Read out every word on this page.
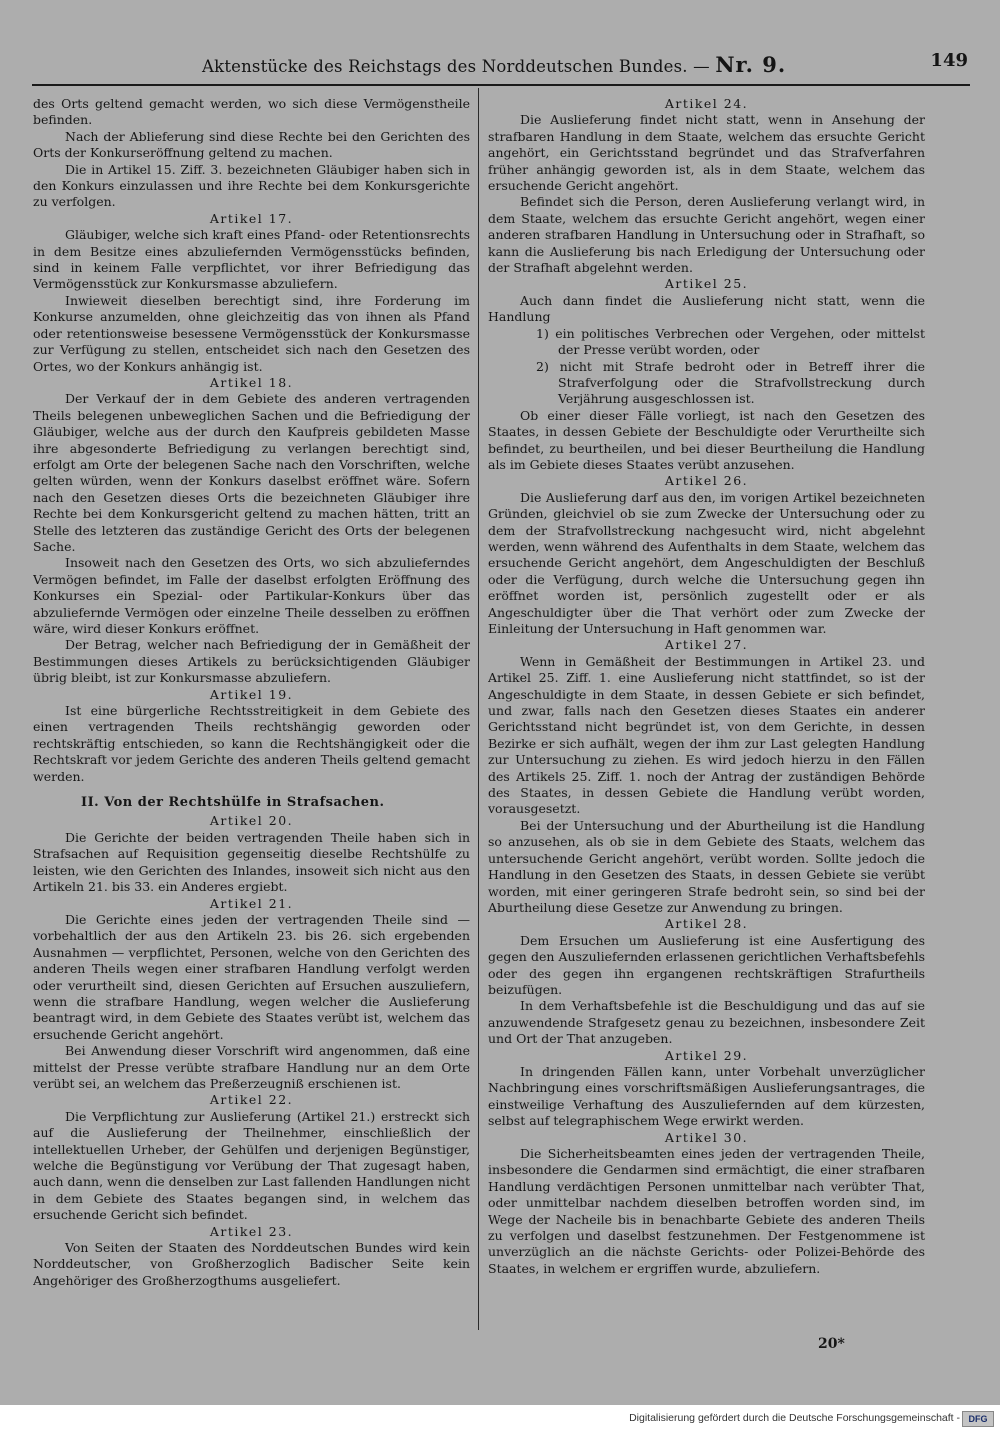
Aktenstücke des Reichstags des Norddeutschen Bundes. — Nr. 9.	149

des Orts geltend gemacht werden, wo sich diese Vermögenstheile befinden.

Nach der Ablieferung sind diese Rechte bei den Gerichten des Orts der Konkurseröffnung geltend zu machen.

Die in Artikel 15. Ziff. 3. bezeichneten Gläubiger haben sich in den Konkurs einzulassen und ihre Rechte bei dem Konkursgerichte zu verfolgen.

Artikel 17.

Gläubiger, welche sich kraft eines Pfand- oder Retentionsrechts in dem Besitze eines abzuliefernden Vermögensstücks befinden, sind in keinem Falle verpflichtet, vor ihrer Befriedigung das Vermögensstück zur Konkursmasse abzuliefern.

Inwieweit dieselben berechtigt sind, ihre Forderung im Konkurse anzumelden, ohne gleichzeitig das von ihnen als Pfand oder retentionsweise besessene Vermögensstück der Konkursmasse zur Verfügung zu stellen, entscheidet sich nach den Gesetzen des Ortes, wo der Konkurs anhängig ist.

Artikel 18.

Der Verkauf der in dem Gebiete des anderen vertragenden Theils belegenen unbeweglichen Sachen und die Befriedigung der Gläubiger, welche aus der durch den Kaufpreis gebildeten Masse ihre abgesonderte Befriedigung zu verlangen berechtigt sind, erfolgt am Orte der belegenen Sache nach den Vorschriften, welche gelten würden, wenn der Konkurs daselbst eröffnet wäre. Sofern nach den Gesetzen dieses Orts die bezeichneten Gläubiger ihre Rechte bei dem Konkursgericht geltend zu machen hätten, tritt an Stelle des letzteren das zuständige Gericht des Orts der belegenen Sache.

Insoweit nach den Gesetzen des Orts, wo sich abzulieferndes Vermögen befindet, im Falle der daselbst erfolgten Eröffnung des Konkurses ein Spezial- oder Partikular-Konkurs über das abzuliefernde Vermögen oder einzelne Theile desselben zu eröffnen wäre, wird dieser Konkurs eröffnet.

Der Betrag, welcher nach Befriedigung der in Gemäßheit der Bestimmungen dieses Artikels zu berücksichtigenden Gläubiger übrig bleibt, ist zur Konkursmasse abzuliefern.

Artikel 19.

Ist eine bürgerliche Rechtsstreitigkeit in dem Gebiete des einen vertragenden Theils rechtshängig geworden oder rechtskräftig entschieden, so kann die Rechtshängigkeit oder die Rechtskraft vor jedem Gerichte des anderen Theils geltend gemacht werden.

II. Von der Rechtshülfe in Strafsachen.
Artikel 20.

Die Gerichte der beiden vertragenden Theile haben sich in Strafsachen auf Requisition gegenseitig dieselbe Rechtshülfe zu leisten, wie den Gerichten des Inlandes, insoweit sich nicht aus den Artikeln 21. bis 33. ein Anderes ergiebt.

Artikel 21.

Die Gerichte eines jeden der vertragenden Theile sind — vorbehaltlich der aus den Artikeln 23. bis 26. sich ergebenden Ausnahmen — verpflichtet, Personen, welche von den Gerichten des anderen Theils wegen einer strafbaren Handlung verfolgt werden oder verurtheilt sind, diesen Gerichten auf Ersuchen auszuliefern, wenn die strafbare Handlung, wegen welcher die Auslieferung beantragt wird, in dem Gebiete des Staates verübt ist, welchem das ersuchende Gericht angehört.

Bei Anwendung dieser Vorschrift wird angenommen, daß eine mittelst der Presse verübte strafbare Handlung nur an dem Orte verübt sei, an welchem das Preßerzeugniß erschienen ist.

Artikel 22.

Die Verpflichtung zur Auslieferung (Artikel 21.) erstreckt sich auf die Auslieferung der Theilnehmer, einschließlich der intellektuellen Urheber, der Gehülfen und derjenigen Begünstiger, welche die Begünstigung vor Verübung der That zugesagt haben, auch dann, wenn die denselben zur Last fallenden Handlungen nicht in dem Gebiete des Staates begangen sind, in welchem das ersuchende Gericht sich befindet.

Artikel 23.

Von Seiten der Staaten des Norddeutschen Bundes wird kein Norddeutscher, von Großherzoglich Badischer Seite kein Angehöriger des Großherzogthums ausgeliefert.

Artikel 24.

Die Auslieferung findet nicht statt, wenn in Ansehung der strafbaren Handlung in dem Staate, welchem das ersuchte Gericht angehört, ein Gerichtsstand begründet und das Strafverfahren früher anhängig geworden ist, als in dem Staate, welchem das ersuchende Gericht angehört.

Befindet sich die Person, deren Auslieferung verlangt wird, in dem Staate, welchem das ersuchte Gericht angehört, wegen einer anderen strafbaren Handlung in Untersuchung oder in Strafhaft, so kann die Auslieferung bis nach Erledigung der Untersuchung oder der Strafhaft abgelehnt werden.

Artikel 25.

Auch dann findet die Auslieferung nicht statt, wenn die Handlung

1) ein politisches Verbrechen oder Vergehen, oder mittelst der Presse verübt worden, oder

2) nicht mit Strafe bedroht oder in Betreff ihrer die Strafverfolgung oder die Strafvollstreckung durch Verjährung ausgeschlossen ist.

Ob einer dieser Fälle vorliegt, ist nach den Gesetzen des Staates, in dessen Gebiete der Beschuldigte oder Verurtheilte sich befindet, zu beurtheilen, und bei dieser Beurtheilung die Handlung als im Gebiete dieses Staates verübt anzusehen.

Artikel 26.

Die Auslieferung darf aus den, im vorigen Artikel bezeichneten Gründen, gleichviel ob sie zum Zwecke der Untersuchung oder zu dem der Strafvollstreckung nachgesucht wird, nicht abgelehnt werden, wenn während des Aufenthalts in dem Staate, welchem das ersuchende Gericht angehört, dem Angeschuldigten der Beschluß oder die Verfügung, durch welche die Untersuchung gegen ihn eröffnet worden ist, persönlich zugestellt oder er als Angeschuldigter über die That verhört oder zum Zwecke der Einleitung der Untersuchung in Haft genommen war.

Artikel 27.

Wenn in Gemäßheit der Bestimmungen in Artikel 23. und Artikel 25. Ziff. 1. eine Auslieferung nicht stattfindet, so ist der Angeschuldigte in dem Staate, in dessen Gebiete er sich befindet, und zwar, falls nach den Gesetzen dieses Staates ein anderer Gerichtsstand nicht begründet ist, von dem Gerichte, in dessen Bezirke er sich aufhält, wegen der ihm zur Last gelegten Handlung zur Untersuchung zu ziehen. Es wird jedoch hierzu in den Fällen des Artikels 25. Ziff. 1. noch der Antrag der zuständigen Behörde des Staates, in dessen Gebiete die Handlung verübt worden, vorausgesetzt.

Bei der Untersuchung und der Aburtheilung ist die Handlung so anzusehen, als ob sie in dem Gebiete des Staats, welchem das untersuchende Gericht angehört, verübt worden. Sollte jedoch die Handlung in den Gesetzen des Staats, in dessen Gebiete sie verübt worden, mit einer geringeren Strafe bedroht sein, so sind bei der Aburtheilung diese Gesetze zur Anwendung zu bringen.

Artikel 28.

Dem Ersuchen um Auslieferung ist eine Ausfertigung des gegen den Auszuliefernden erlassenen gerichtlichen Verhaftsbefehls oder des gegen ihn ergangenen rechtskräftigen Strafurtheils beizufügen.

In dem Verhaftsbefehle ist die Beschuldigung und das auf sie anzuwendende Strafgesetz genau zu bezeichnen, insbesondere Zeit und Ort der That anzugeben.

Artikel 29.

In dringenden Fällen kann, unter Vorbehalt unverzüglicher Nachbringung eines vorschriftsmäßigen Auslieferungsantrages, die einstweilige Verhaftung des Auszuliefernden auf dem kürzesten, selbst auf telegraphischem Wege erwirkt werden.

Artikel 30.

Die Sicherheitsbeamten eines jeden der vertragenden Theile, insbesondere die Gendarmen sind ermächtigt, die einer strafbaren Handlung verdächtigen Personen unmittelbar nach verübter That, oder unmittelbar nachdem dieselben betroffen worden sind, im Wege der Nacheile bis in benachbarte Gebiete des anderen Theils zu verfolgen und daselbst festzunehmen. Der Festgenommene ist unverzüglich an die nächste Gerichts- oder Polizei-Behörde des Staates, in welchem er ergriffen wurde, abzuliefern.

20*
Digitalisierung gefördert durch die Deutsche Forschungsgemeinschaft - DFG
